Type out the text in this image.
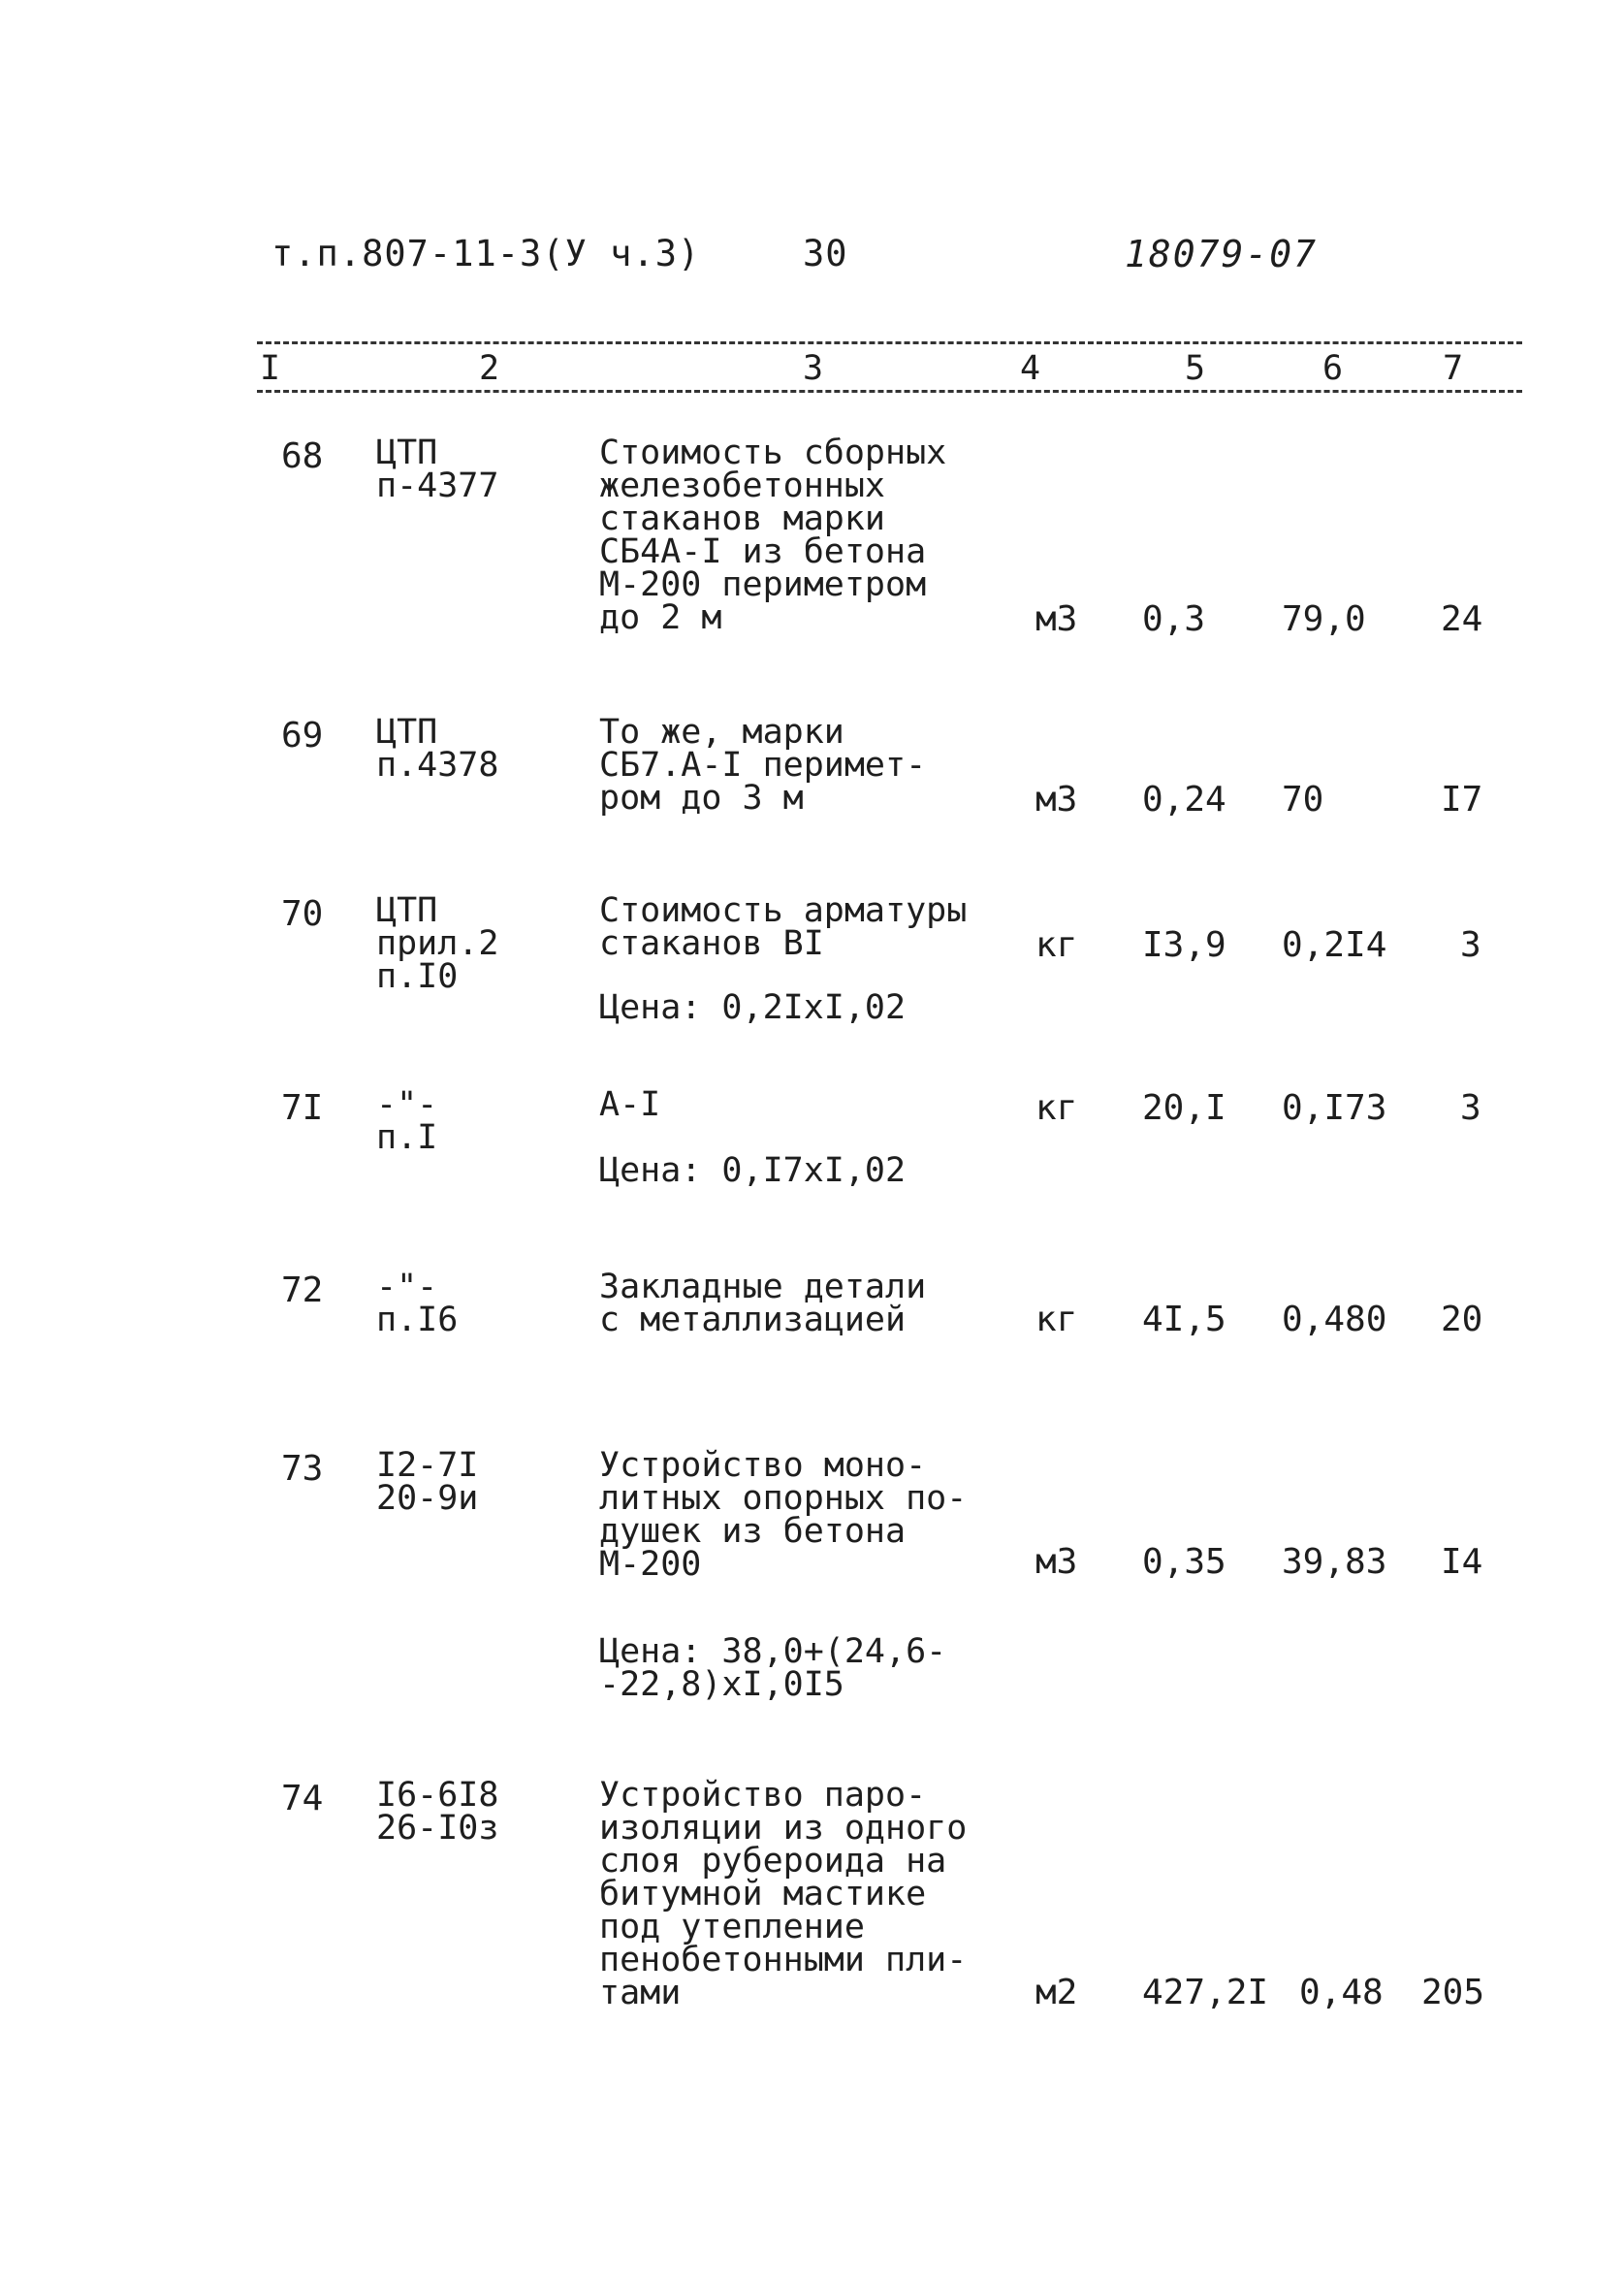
т.п.807-11-3(У ч.3)	30	18079-07
I	2	3	4	5	6	7
68 ЦТП
п-4377
Стоимость сборных
железобетонных
стаканов марки
СБ4А-I из бетона
М-200 периметром
до 2 м	м3 0,3 79,0 24
69 ЦТП
п.4378
То же, марки
СБ7.А-I перимет-
ром до 3 м	м3 0,24 70	I7
70 ЦТП
прил.2
п.I0
Стоимость арматуры
стаканов BI
Цена: 0,2IxI,02
кг I3,9 0,2I4 3
7I -"-
п.I
A-I
Цена: 0,I7xI,02
кг 20,I 0,I73 3
72 -"-
п.I6
Закладные детали
с металлизацией	кг 4I,5 0,480 20
73 I2-7I
20-9и
Устройство моно-
литных опорных по-
душек из бетона
М-200
Цена: 38,0+(24,6-
-22,8)xI,0I5
м3 0,35 39,83 I4
74 I6-6I8
26-I0з
Устройство паро-
изоляции из одного
слоя рубероида на
битумной мастике
под утепление
пенобетонными пли-
тами	м2 427,2I 0,48 205
